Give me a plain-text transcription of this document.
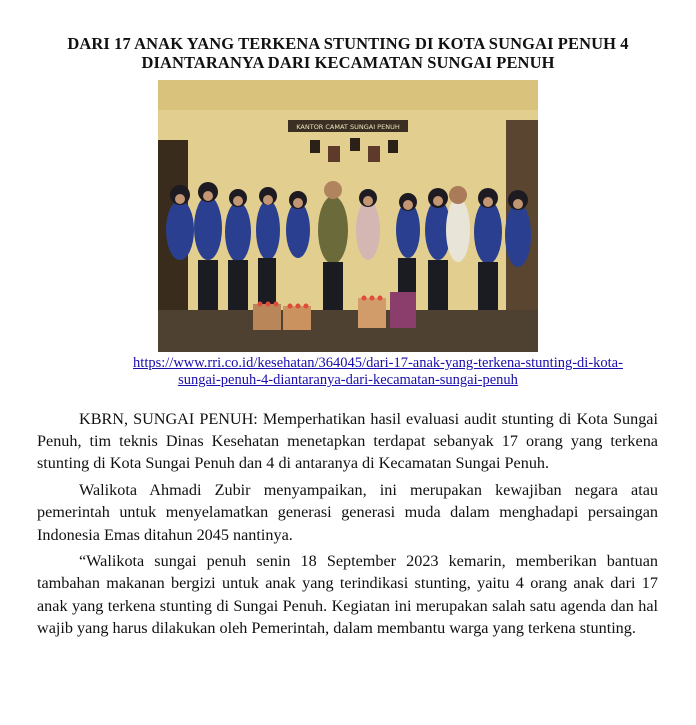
DARI 17 ANAK YANG TERKENA STUNTING DI KOTA SUNGAI PENUH 4
DIANTARANYA DARI KECAMATAN SUNGAI PENUH
KANTOR CAMAT SUNGAI PENUH
https://www.rri.co.id/kesehatan/364045/dari-17-anak-yang-terkena-stunting-di-kota-
sungai-penuh-4-diantaranya-dari-kecamatan-sungai-penuh

KBRN, SUNGAI PENUH: Memperhatikan hasil evaluasi audit stunting di Kota Sungai Penuh, tim teknis Dinas Kesehatan menetapkan terdapat sebanyak 17 orang yang terkena stunting di Kota Sungai Penuh dan 4 di antaranya di Kecamatan Sungai Penuh.

Walikota Ahmadi Zubir menyampaikan, ini merupakan kewajiban negara atau pemerintah untuk menyelamatkan generasi generasi muda dalam menghadapi persaingan Indonesia Emas ditahun 2045 nantinya.

“Walikota sungai penuh senin 18 September 2023 kemarin, memberikan bantuan tambahan makanan bergizi untuk anak yang terindikasi stunting, yaitu 4 orang anak dari 17 anak yang terkena stunting di Sungai Penuh. Kegiatan ini merupakan salah satu agenda dan hal wajib yang harus dilakukan oleh Pemerintah, dalam membantu warga yang terkena stunting.
